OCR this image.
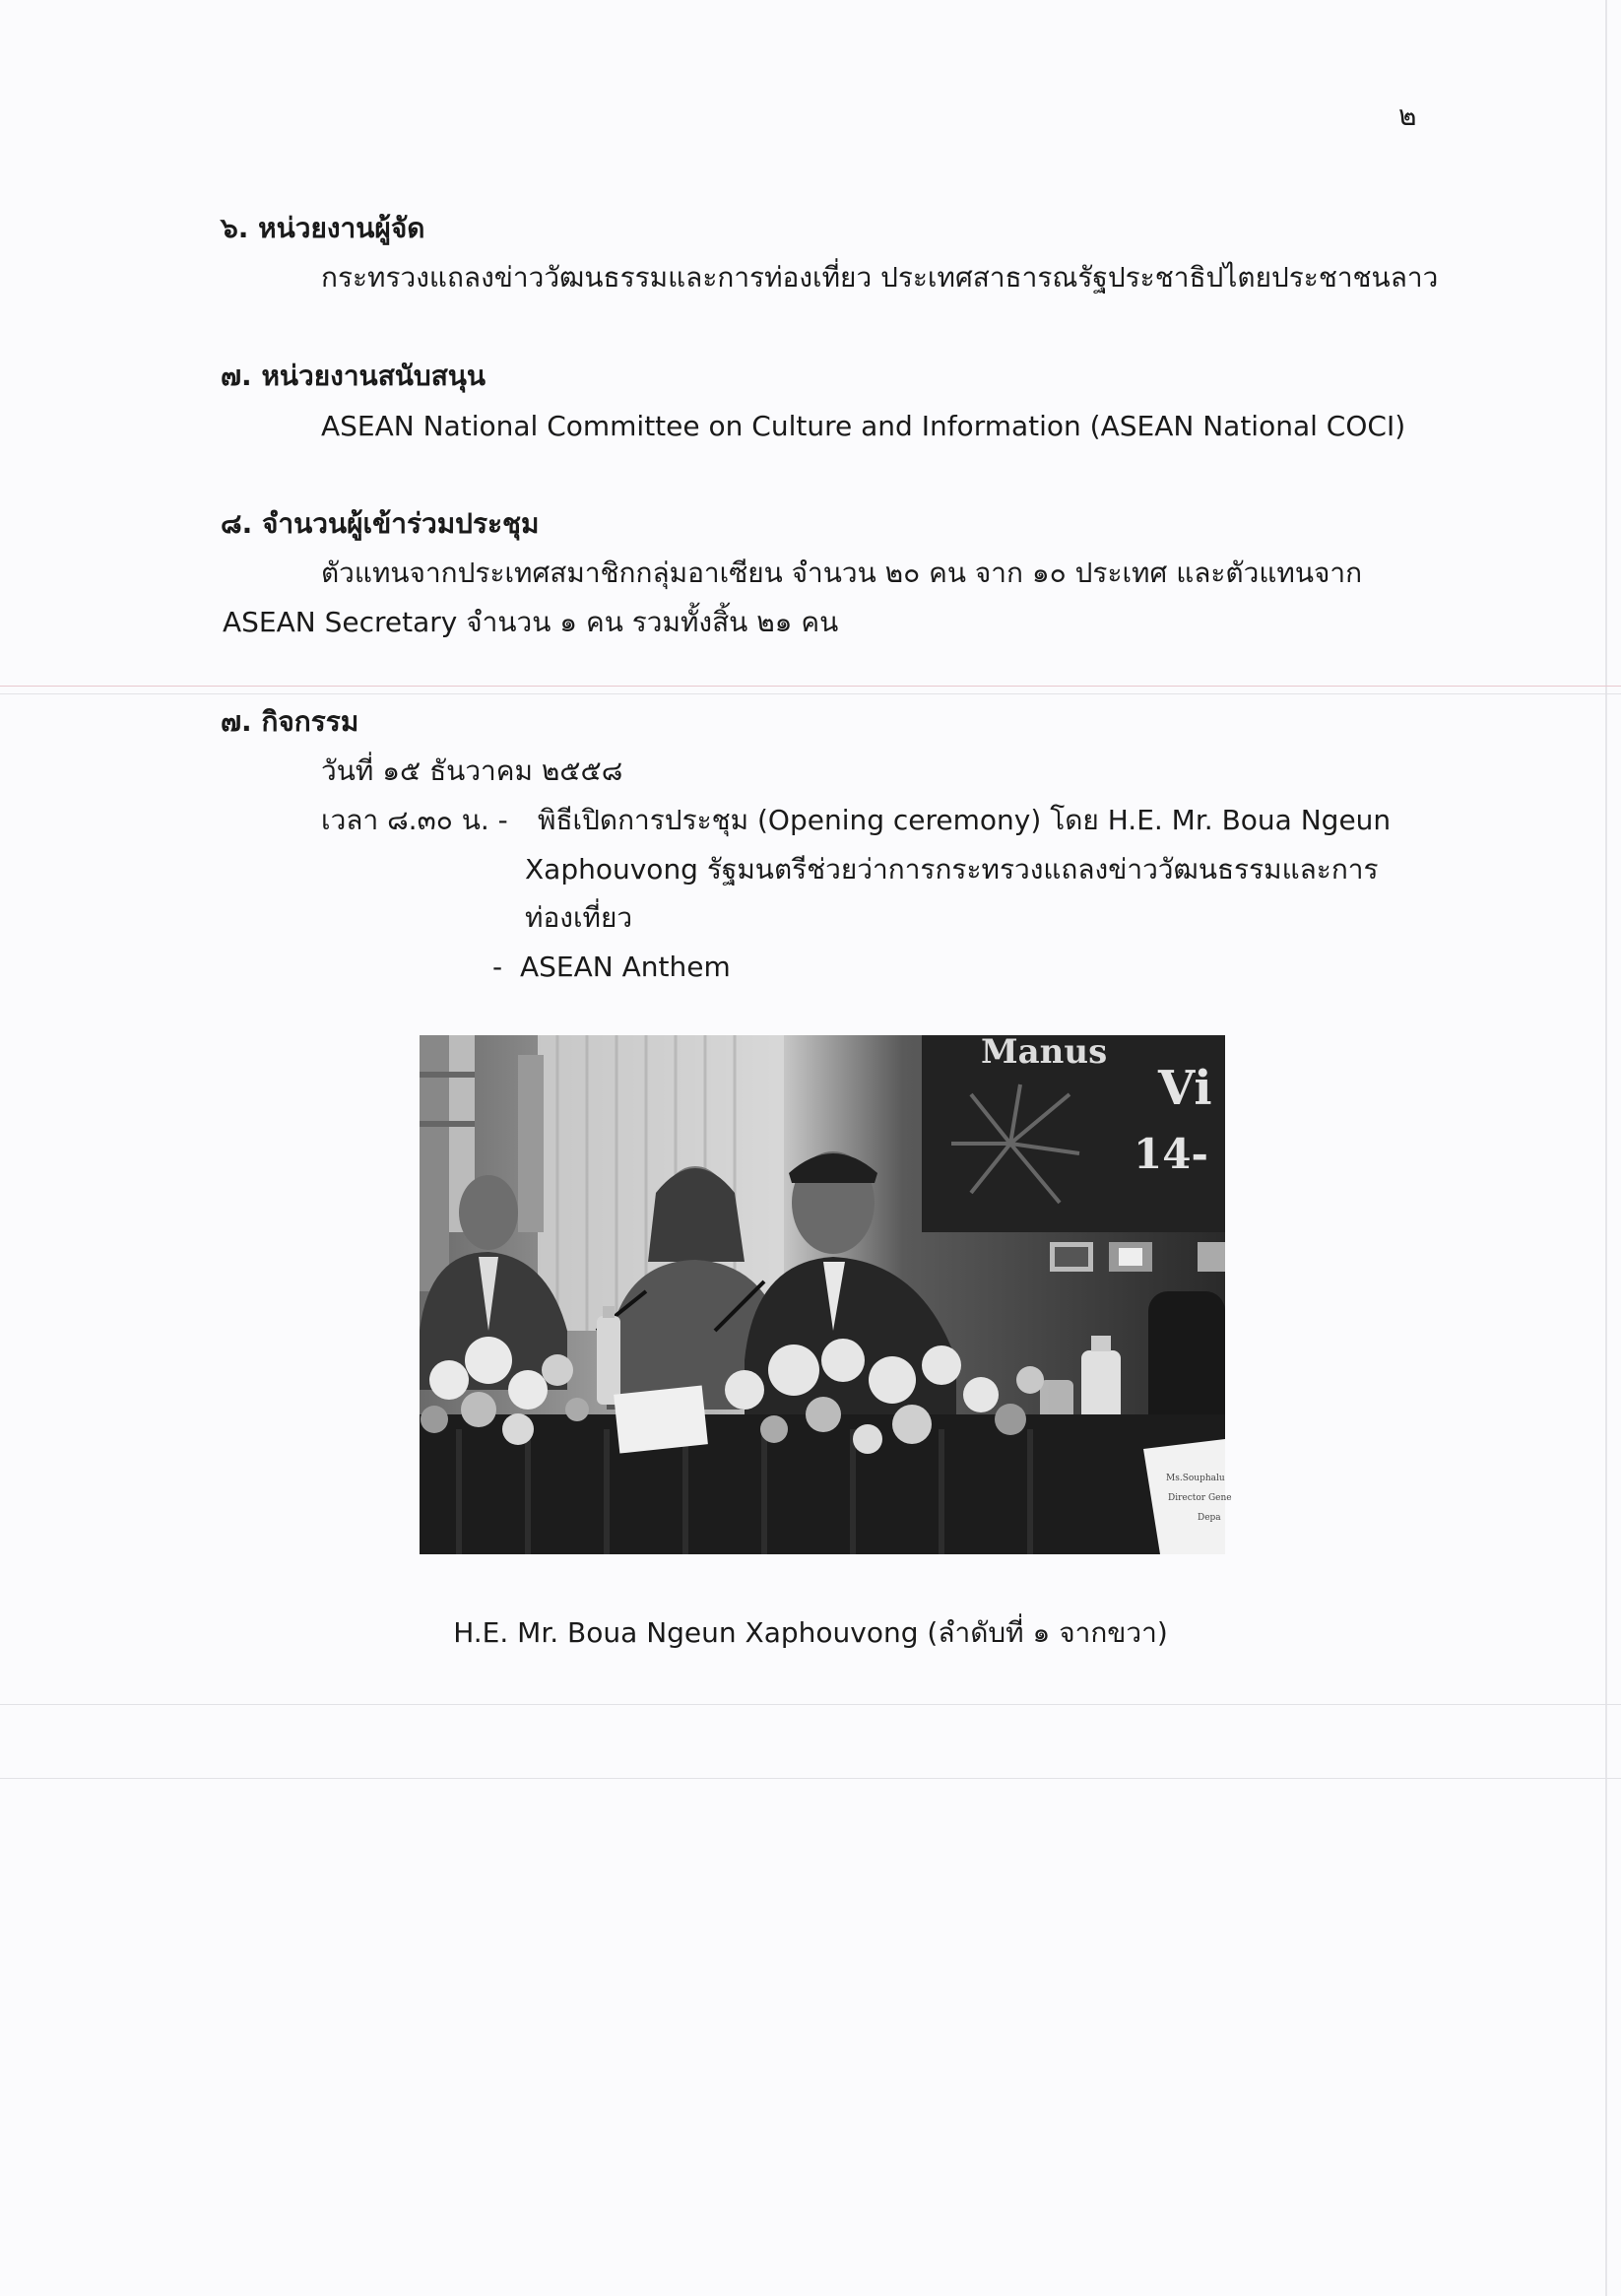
๒
๖. หน่วยงานผู้จัด
กระทรวงแถลงข่าววัฒนธรรมและการท่องเที่ยว ประเทศสาธารณรัฐประชาธิปไตยประชาชนลาว
๗. หน่วยงานสนับสนุน
ASEAN National Committee on Culture and Information (ASEAN National COCI)
๘. จำนวนผู้เข้าร่วมประชุม
ตัวแทนจากประเทศสมาชิกกลุ่มอาเซียน จำนวน ๒๐ คน จาก ๑๐ ประเทศ และตัวแทนจาก
ASEAN Secretary จำนวน ๑ คน รวมทั้งสิ้น ๒๑ คน
๗. กิจกรรม
วันที่ ๑๕ ธันวาคม ๒๕๕๘
เวลา ๘.๓๐ น. - พิธีเปิดการประชุม (Opening ceremony) โดย H.E. Mr. Boua Ngeun
Xaphouvong รัฐมนตรีช่วยว่าการกระทรวงแถลงข่าววัฒนธรรมและการ
ท่องเที่ยว
- ASEAN Anthem
Manus
Vi
14-
Ms.Souphalu
Director Gene
Depa
H.E. Mr. Boua Ngeun Xaphouvong (ลำดับที่ ๑ จากขวา)
